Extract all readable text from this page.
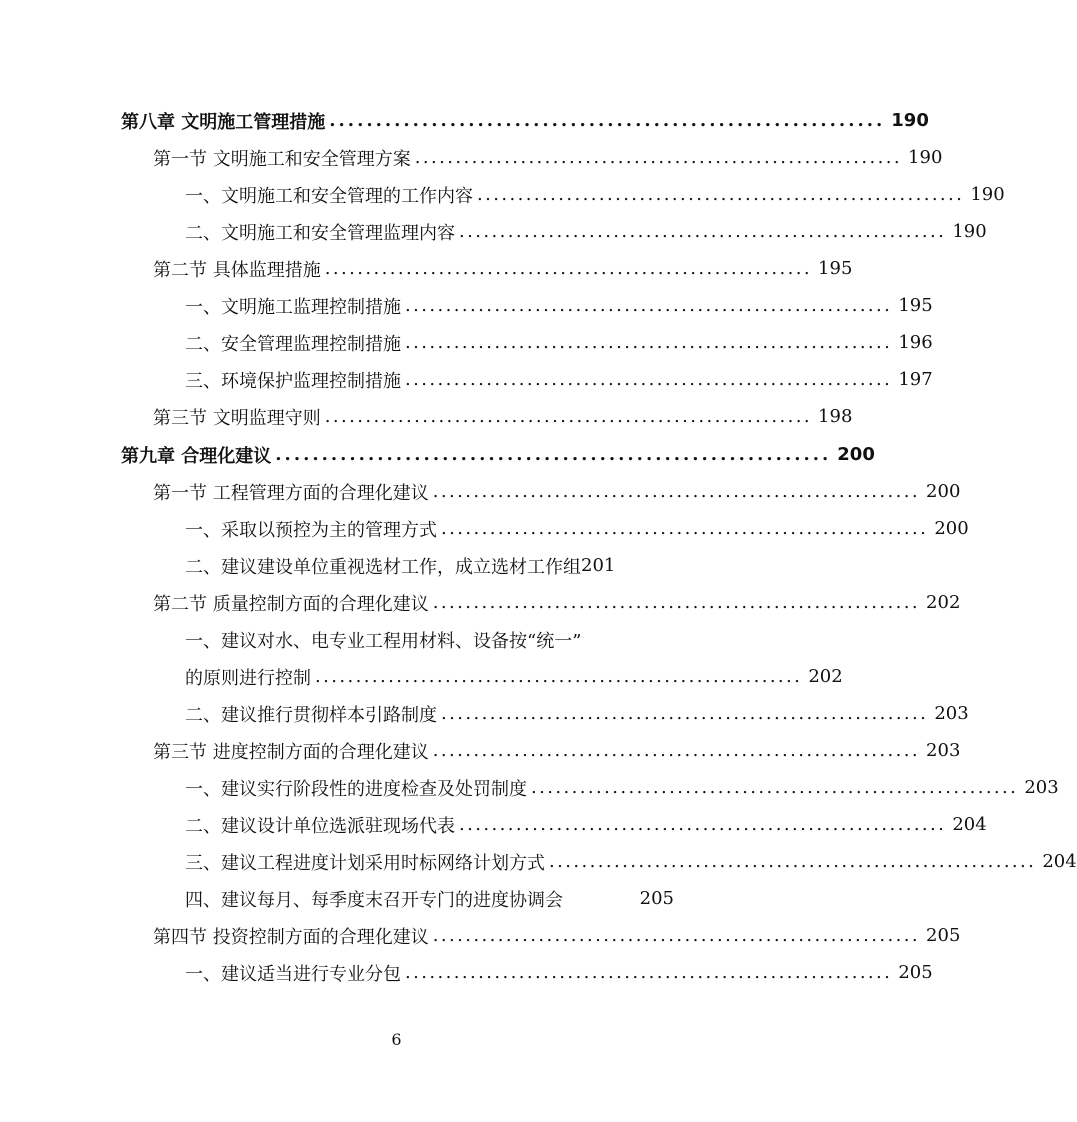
第八章 文明施工管理措施 ............................................................ 190
第一节 文明施工和安全管理方案 ............................................................ 190
一、文明施工和安全管理的工作内容 ............................................................ 190
二、文明施工和安全管理监理内容 ............................................................ 190
第二节 具体监理措施 ............................................................ 195
一、文明施工监理控制措施 ............................................................ 195
二、安全管理监理控制措施 ............................................................ 196
三、环境保护监理控制措施 ............................................................ 197
第三节 文明监理守则 ............................................................ 198
第九章 合理化建议 ............................................................ 200
第一节 工程管理方面的合理化建议 ............................................................ 200
一、采取以预控为主的管理方式 ............................................................ 200
二、建议建设单位重视选材工作，成立选材工作组 201
第二节 质量控制方面的合理化建议 ............................................................ 202
一、建议对水、电专业工程用材料、设备按“统一”
的原则进行控制 ............................................................ 202
二、建议推行贯彻样本引路制度 ............................................................ 203
第三节 进度控制方面的合理化建议 ............................................................ 203
一、建议实行阶段性的进度检查及处罚制度 ............................................................ 203
二、建议设计单位选派驻现场代表 ............................................................ 204
三、建议工程进度计划采用时标网络计划方式 ............................................................ 204
四、建议每月、每季度末召开专门的进度协调会	205
第四节 投资控制方面的合理化建议 ............................................................ 205
一、建议适当进行专业分包 ............................................................ 205
6
